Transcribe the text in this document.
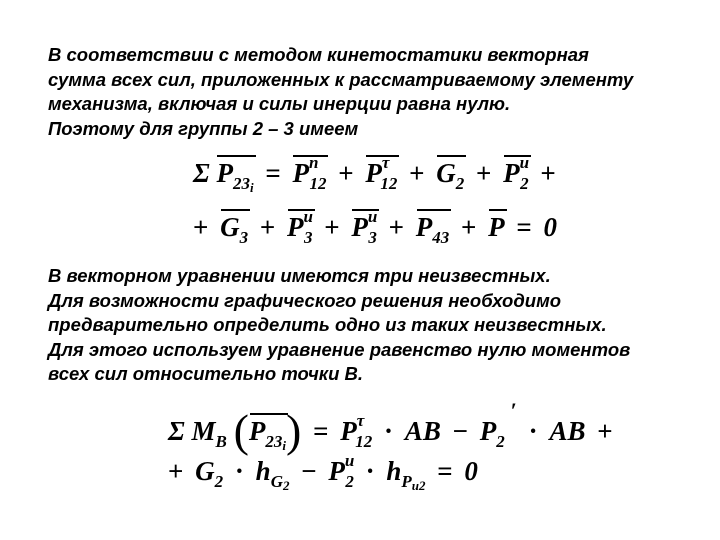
В соответствии с методом кинетостатики векторная
сумма всех сил, приложенных к рассматриваемому элементу
механизма, включая и силы инерции равна нулю.
Поэтому для группы 2 – 3 имеем
Σ P23i = Pn12 + Pτ12 + G2 + Pu2 +
+ G3 + Pu3 + Pu3 + P43 + P = 0
В векторном уравнении имеются три неизвестных.
Для возможности графического решения необходимо
предварительно определить одно из таких неизвестных.
Для этого используем уравнение равенство нулю моментов
всех сил относительно точки B.
Σ MB (P23i) = Pτ12 · AB − P2′ · AB +
+ G2 · hG2 − Pu2 · hPu2 = 0
